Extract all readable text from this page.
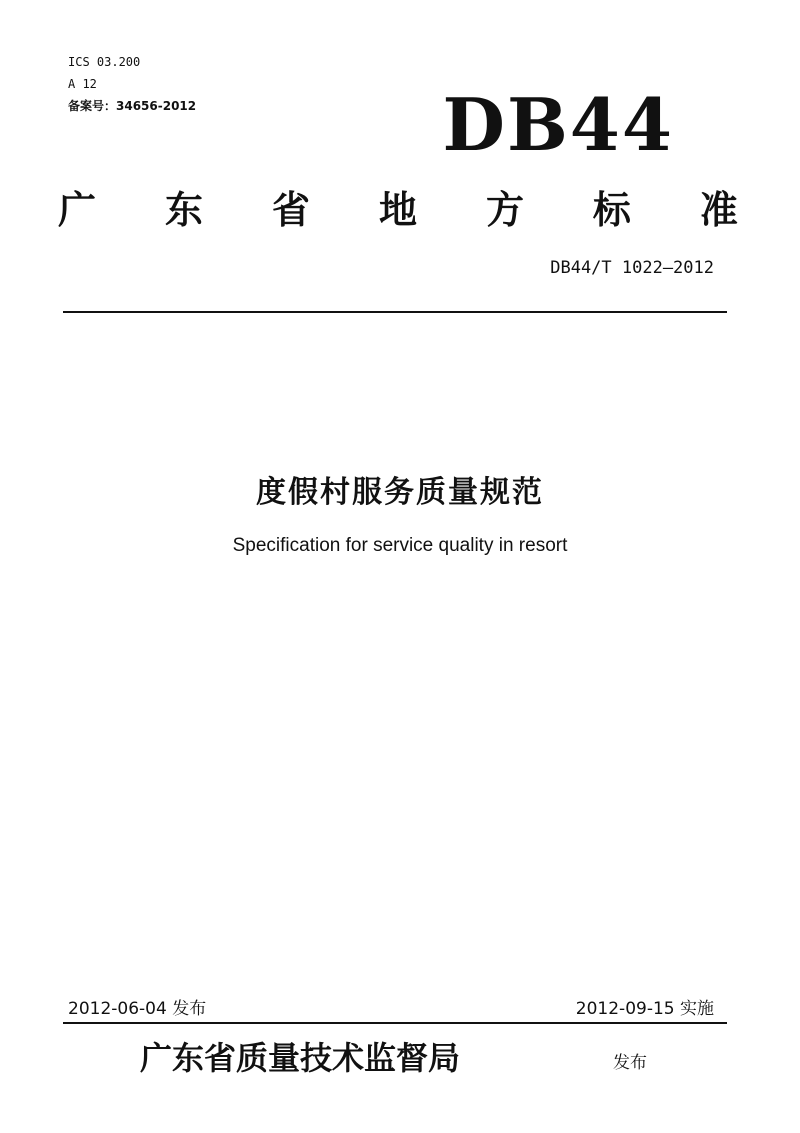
ICS 03.200
A 12
备案号：34656-2012	DB44
广 东 省 地 方 标 准
DB44/T 1022—2012
度假村服务质量规范
Specification for service quality in resort
2012-06-04 发布	2012-09-15 实施
广东省质量技术监督局	发布
